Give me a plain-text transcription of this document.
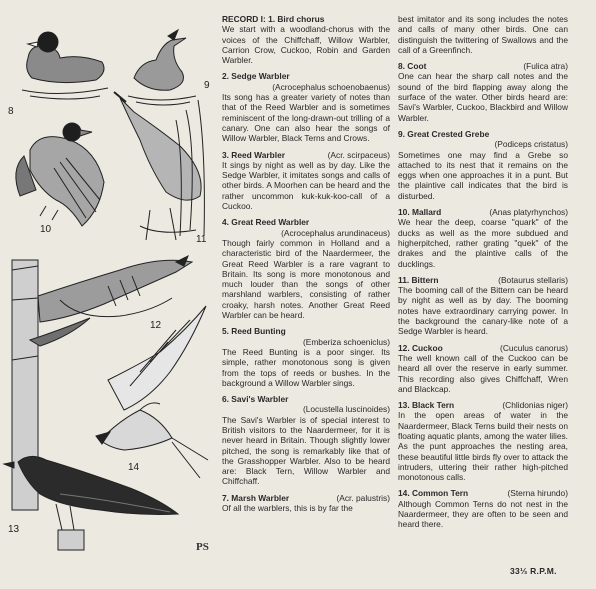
8
9
10
11
12
13
14
PS
RECORD I: 1. Bird chorus
We start with a woodland-chorus with the voices of the Chiffchaff, Willow Warbler, Carrion Crow, Cuckoo, Robin and Garden Warbler.
2. Sedge Warbler
(Acrocephalus schoenobaenus)
Its song has a greater variety of notes than that of the Reed Warbler and is sometimes reminiscent of the long-drawn-out trilling of a canary. One can also hear the songs of Willow Warbler, Black Terns and Crows.
3. Reed Warbler	(Acr. scirpaceus)
It sings by night as well as by day. Like the Sedge Warbler, it imitates songs and calls of other birds. A Moorhen can be heard and the rather uncommon kuk-kuk-koo-call of a Cuckoo.
4. Great Reed Warbler
(Acrocephalus arundinaceus)
Though fairly common in Holland and a characteristic bird of the Naardermeer, the Great Reed Warbler is a rare vagrant to Britain. Its song is more monotonous and much louder than the songs of other marshland warblers, consisting of rather croaky, harsh notes. Another Great Reed Warbler can be heard.
5. Reed Bunting
(Emberiza schoeniclus)
The Reed Bunting is a poor singer. Its simple, rather monotonous song is given from the tops of reeds or bushes. In the background a Willow Warbler sings.
6. Savi's Warbler
(Locustella luscinoides)
The Savi's Warbler is of special interest to British visitors to the Naardermeer, for it is never heard in Britain. Though slightly lower pitched, the song is remarkably like that of the Grasshopper Warbler. Also to be heard are: Black Tern, Willow Warbler and Chiffchaff.
7. Marsh Warbler	(Acr. palustris)
Of all the warblers, this is by far the
best imitator and its song includes the notes and calls of many other birds. One can distinguish the twittering of Swallows and the call of a Greenfinch.
8. Coot	(Fulica atra)
One can hear the sharp call notes and the sound of the bird flapping away along the surface of the water. Other birds heard are: Savi's Warbler, Cuckoo, Blackbird and Willow Warbler.
9. Great Crested Grebe
(Podiceps cristatus)
Sometimes one may find a Grebe so attached to its nest that it remains on the eggs when one approaches it in a punt. But the plaintive call indicates that the bird is disturbed.
10. Mallard	(Anas platyrhynchos)
We hear the deep, coarse "quark" of the ducks as well as the more subdued and higherpitched, rather grating "quek" of the drakes and the plaintive calls of the ducklings.
11. Bittern	(Botaurus stellaris)
The booming call of the Bittern can be heard by night as well as by day. The booming notes have extraordinary carrying power. In the background the canary-like note of a Sedge Warbler is heard.
12. Cuckoo	(Cuculus canorus)
The well known call of the Cuckoo can be heard all over the reserve in early summer. This recording also gives Chiffchaff, Wren and Blackcap.
13. Black Tern	(Chlidonias niger)
In the open areas of water in the Naardermeer, Black Terns build their nests on floating aquatic plants, among the water lilies. As the punt approaches the nesting area, these beautiful little birds fly over to attack the intruders, uttering their rather high-pitched monotonous calls.
14. Common Tern	(Sterna hirundo)
Although Common Terns do not nest in the Naardermeer, they are often to be seen and heard there.
33⅓ R.P.M.
